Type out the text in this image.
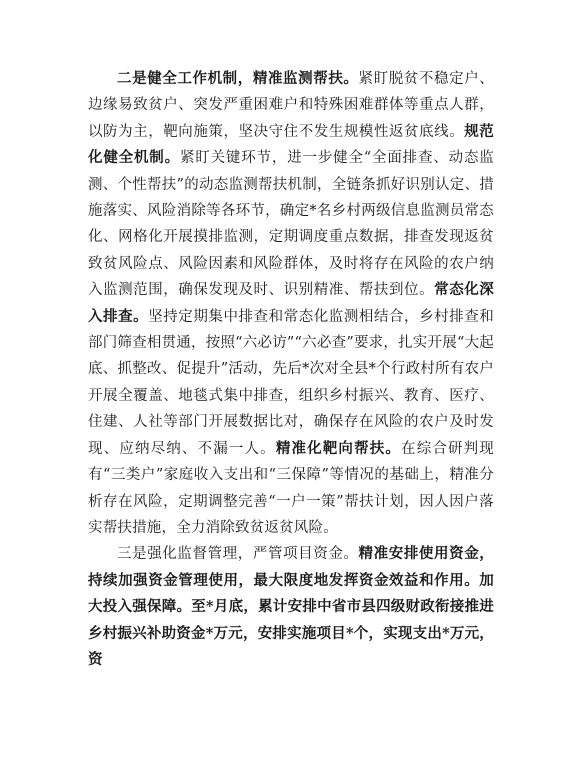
二是健全工作机制，精准监测帮扶。紧盯脱贫不稳定户、边缘易致贫户、突发严重困难户和特殊困难群体等重点人群，以防为主，靶向施策，坚决守住不发生规模性返贫底线。规范化健全机制。紧盯关键环节，进一步健全“全面排查、动态监测、个性帮扶”的动态监测帮扶机制，全链条抓好识别认定、措施落实、风险消除等各环节，确定*名乡村两级信息监测员常态化、网格化开展摸排监测，定期调度重点数据，排查发现返贫致贫风险点、风险因素和风险群体，及时将存在风险的农户纳入监测范围，确保发现及时、识别精准、帮扶到位。常态化深入排查。坚持定期集中排查和常态化监测相结合，乡村排查和部门筛查相贯通，按照“六必访”“六必查”要求，扎实开展“大起底、抓整改、促提升”活动，先后*次对全县*个行政村所有农户开展全覆盖、地毯式集中排查，组织乡村振兴、教育、医疗、住建、人社等部门开展数据比对，确保存在风险的农户及时发现、应纳尽纳、不漏一人。精准化靶向帮扶。在综合研判现有“三类户”家庭收入支出和“三保障”等情况的基础上，精准分析存在风险，定期调整完善“一户一策”帮扶计划，因人因户落实帮扶措施，全力消除致贫返贫风险。

三是强化监督管理，严管项目资金。精准安排使用资金，持续加强资金管理使用，最大限度地发挥资金效益和作用。加大投入强保障。至*月底，累计安排中省市县四级财政衔接推进乡村振兴补助资金*万元，安排实施项目*个，实现支出*万元，资
